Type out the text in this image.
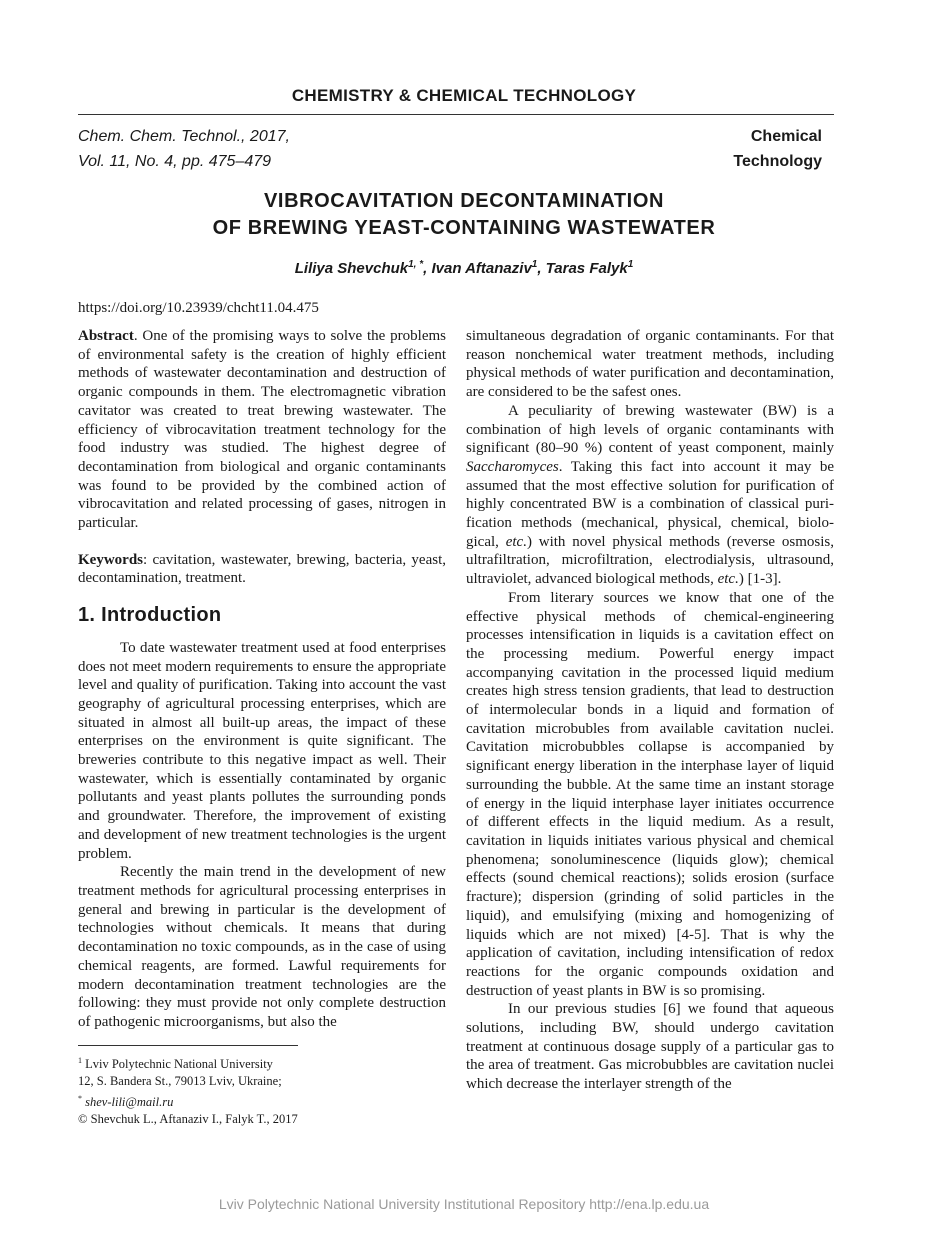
CHEMISTRY & CHEMICAL TECHNOLOGY
Chem. Chem. Technol., 2017,
Vol. 11, No. 4, pp. 475–479
Chemical
Technology
VIBROCAVITATION DECONTAMINATION
OF BREWING YEAST-CONTAINING WASTEWATER
Liliya Shevchuk$^{1, *}$, Ivan Aftanaziv$^1$, Taras Falyk$^1$
https://doi.org/10.23939/chcht11.04.475

Abstract. One of the promising ways to solve the problems of environmental safety is the creation of highly efficient methods of wastewater decontamination and destruction of organic compounds in them. The electromagnetic vibration cavitator was created to treat brewing wastewater. The efficiency of vibrocavitation treatment technology for the food industry was studied. The highest degree of decontamination from biological and organic contaminants was found to be provided by the combined action of vibrocavitation and related processing of gases, nitrogen in particular.

Keywords: cavitation, wastewater, brewing, bacteria, yeast, decontamination, treatment.

1. Introduction

To date wastewater treatment used at food enterprises does not meet modern requirements to ensure the appropriate level and quality of purification. Taking into account the vast geography of agricultural processing enterprises, which are situated in almost all built-up areas, the impact of these enterprises on the environment is quite significant. The breweries contribute to this negative impact as well. Their wastewater, which is essentially contaminated by organic pollutants and yeast plants pollutes the surrounding ponds and groundwater. Therefore, the improvement of existing and development of new treatment technologies is the urgent problem.

Recently the main trend in the development of new treatment methods for agricultural processing enterprises in general and brewing in particular is the development of technologies without chemicals. It means that during decontamination no toxic compounds, as in the case of using chemical reagents, are formed. Lawful requirements for modern decontamination treatment technologies are the following: they must provide not only complete destruction of pathogenic microorganisms, but also the

simultaneous degradation of organic contaminants. For that reason nonchemical water treatment methods, including physical methods of water purification and decontamination, are considered to be the safest ones.

A peculiarity of brewing wastewater (BW) is a combination of high levels of organic contaminants with significant (80–90 %) content of yeast component, mainly Saccharomyces. Taking this fact into account it may be assumed that the most effective solution for purification of highly concentrated BW is a combination of classical puri-fication methods (mechanical, physical, chemical, biolo-gical, etc.) with novel physical methods (reverse osmosis, ultrafiltration, microfiltration, electrodialysis, ultrasound, ultraviolet, advanced biological methods, etc.) [1-3].

From literary sources we know that one of the effective physical methods of chemical-engineering processes intensification in liquids is a cavitation effect on the processing medium. Powerful energy impact accompanying cavitation in the processed liquid medium creates high stress tension gradients, that lead to destruction of intermolecular bonds in a liquid and formation of cavitation microbubles from available cavitation nuclei. Cavitation microbubbles collapse is accompanied by significant energy liberation in the interphase layer of liquid surrounding the bubble. At the same time an instant storage of energy in the liquid interphase layer initiates occurrence of different effects in the liquid medium. As a result, cavitation in liquids initiates various physical and chemical phenomena; sonoluminescence (liquids glow); chemical effects (sound chemical reactions); solids erosion (surface fracture); dispersion (grinding of solid particles in the liquid), and emulsifying (mixing and homogenizing of liquids which are not mixed) [4-5]. That is why the application of cavitation, including intensification of redox reactions for the organic compounds oxidation and destruction of yeast plants in BW is so promising.

In our previous studies [6] we found that aqueous solutions, including BW, should undergo cavitation treatment at continuous dosage supply of a particular gas to the area of treatment. Gas microbubbles are cavitation nuclei which decrease the interlayer strength of the

$^1$ Lviv Polytechnic National University
12, S. Bandera St., 79013 Lviv, Ukraine;
* shev-lili@mail.ru
© Shevchuk L., Aftanaziv I., Falyk T., 2017
Lviv Polytechnic National University Institutional Repository http://ena.lp.edu.ua
